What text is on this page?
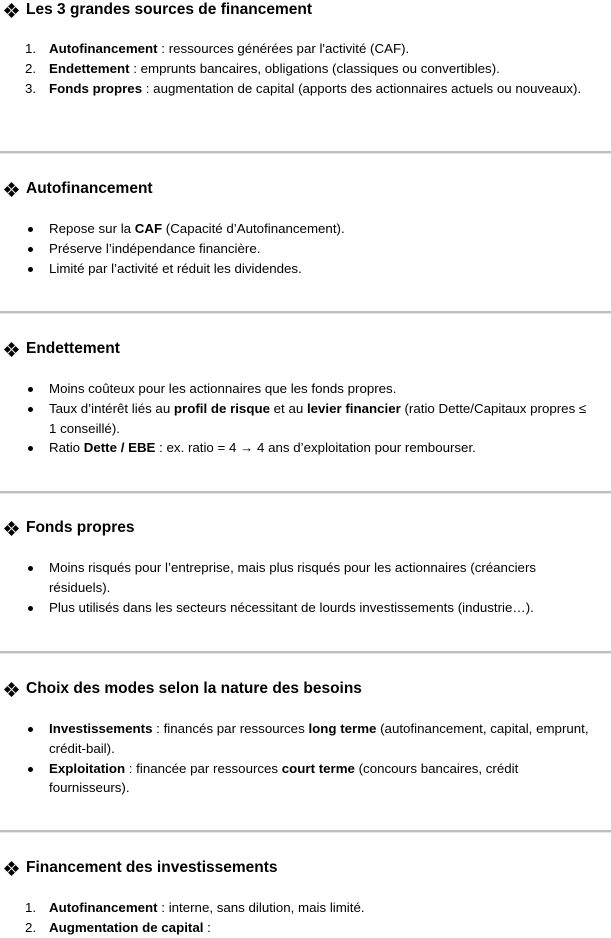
Les 3 grandes sources de financement
1. Autofinancement : ressources générées par l'activité (CAF).
2. Endettement : emprunts bancaires, obligations (classiques ou convertibles).
3. Fonds propres : augmentation de capital (apports des actionnaires actuels ou nouveaux).
Autofinancement
Repose sur la CAF (Capacité d’Autofinancement).
Préserve l’indépendance financière.
Limité par l’activité et réduit les dividendes.
Endettement
Moins coûteux pour les actionnaires que les fonds propres.
Taux d’intérêt liés au profil de risque et au levier financier (ratio Dette/Capitaux propres ≤ 1 conseillé).
Ratio Dette / EBE : ex. ratio = 4 → 4 ans d’exploitation pour rembourser.
Fonds propres
Moins risqués pour l’entreprise, mais plus risqués pour les actionnaires (créanciers résiduels).
Plus utilisés dans les secteurs nécessitant de lourds investissements (industrie…).
Choix des modes selon la nature des besoins
Investissements : financés par ressources long terme (autofinancement, capital, emprunt, crédit-bail).
Exploitation : financée par ressources court terme (concours bancaires, crédit fournisseurs).
Financement des investissements
1. Autofinancement : interne, sans dilution, mais limité.
2. Augmentation de capital :
